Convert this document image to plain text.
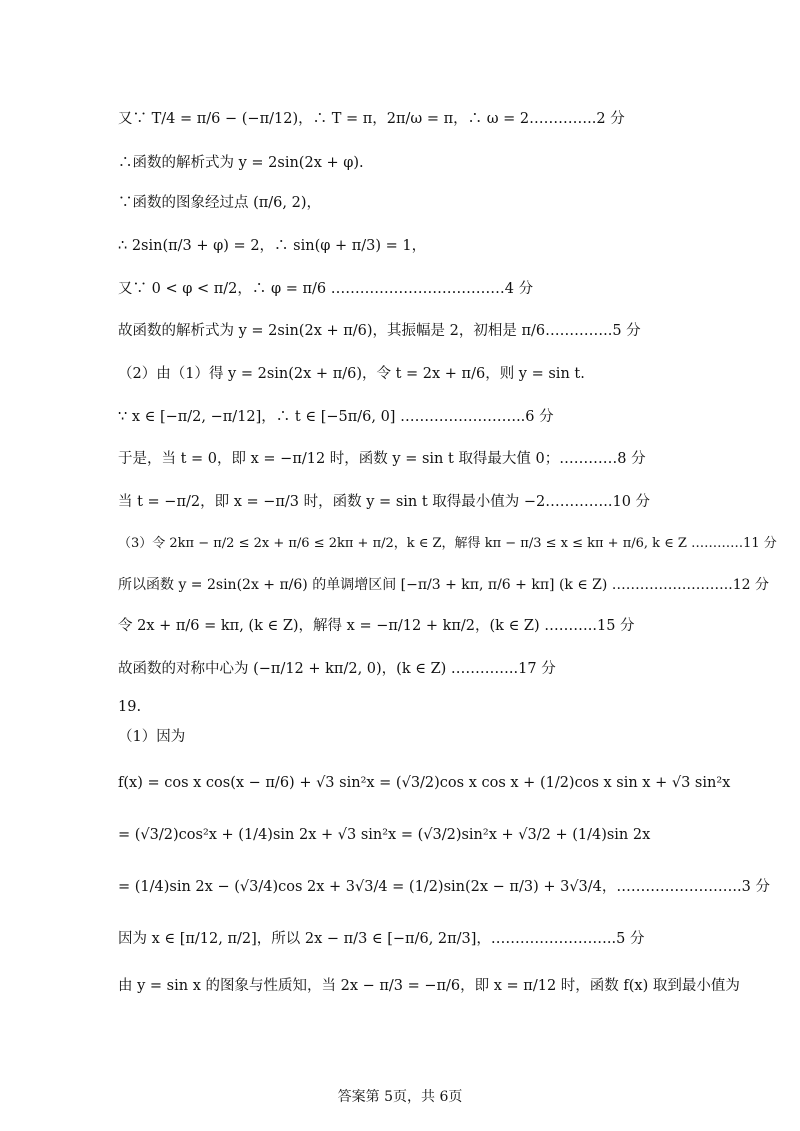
又∵ T/4 = π/6 − (−π/12)，∴ T = π，2π/ω = π，∴ ω = 2…………..2 分
∴函数的解析式为 y = 2sin(2x + φ).
∵函数的图象经过点 (π/6, 2)，
∴ 2sin(π/3 + φ) = 2，∴ sin(φ + π/3) = 1，
又∵ 0 < φ < π/2，∴ φ = π/6 ………………………………4 分
故函数的解析式为 y = 2sin(2x + π/6)，其振幅是 2，初相是 π/6…………..5 分
（2）由（1）得 y = 2sin(2x + π/6)，令 t = 2x + π/6，则 y = sin t.
∵ x ∈ [−π/2, −π/12]，∴ t ∈ [−5π/6, 0] ……………………..6 分
于是，当 t = 0，即 x = −π/12 时，函数 y = sin t 取得最大值 0；…………8 分
当 t = −π/2，即 x = −π/3 时，函数 y = sin t 取得最小值为 −2…………..10 分
（3）令 2kπ − π/2 ≤ 2x + π/6 ≤ 2kπ + π/2，k ∈ Z，解得 kπ − π/3 ≤ x ≤ kπ + π/6, k ∈ Z …………11 分
所以函数 y = 2sin(2x + π/6) 的单调增区间 [−π/3 + kπ, π/6 + kπ] (k ∈ Z) ……………………..12 分
令 2x + π/6 = kπ, (k ∈ Z)，解得 x = −π/12 + kπ/2，(k ∈ Z) ………..15 分
故函数的对称中心为 (−π/12 + kπ/2, 0)，(k ∈ Z) …………..17 分
19.
（1）因为
f(x) = cos x cos(x − π/6) + √3 sin²x = (√3/2)cos x cos x + (1/2)cos x sin x + √3 sin²x
= (√3/2)cos²x + (1/4)sin 2x + √3 sin²x = (√3/2)sin²x + √3/2 + (1/4)sin 2x
= (1/4)sin 2x − (√3/4)cos 2x + 3√3/4 = (1/2)sin(2x − π/3) + 3√3/4，……………………..3 分
因为 x ∈ [π/12, π/2]，所以 2x − π/3 ∈ [−π/6, 2π/3]，……………………..5 分
由 y = sin x 的图象与性质知，当 2x − π/3 = −π/6，即 x = π/12 时，函数 f(x) 取到最小值为
答案第 5页，共 6页
